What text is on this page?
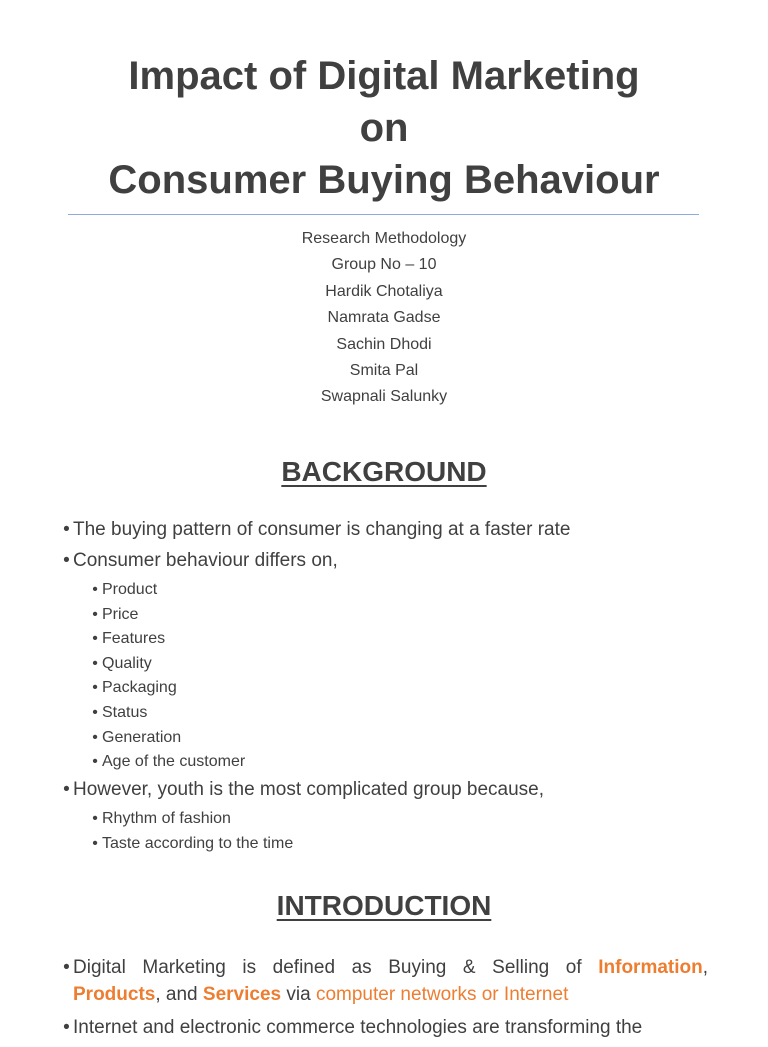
Impact of Digital Marketing
on
Consumer Buying Behaviour
Research Methodology
Group No – 10
Hardik Chotaliya
Namrata Gadse
Sachin Dhodi
Smita Pal
Swapnali Salunky
BACKGROUND
• The buying pattern of consumer is changing at a faster rate
• Consumer behaviour differs on,
• Product
• Price
• Features
• Quality
• Packaging
• Status
• Generation
• Age of the customer
• However, youth is the most complicated group because,
• Rhythm of fashion
• Taste according to the time
INTRODUCTION
• Digital Marketing is defined as Buying & Selling of Information,
Products, and Services via computer networks or Internet
• Internet and electronic commerce technologies are transforming the
